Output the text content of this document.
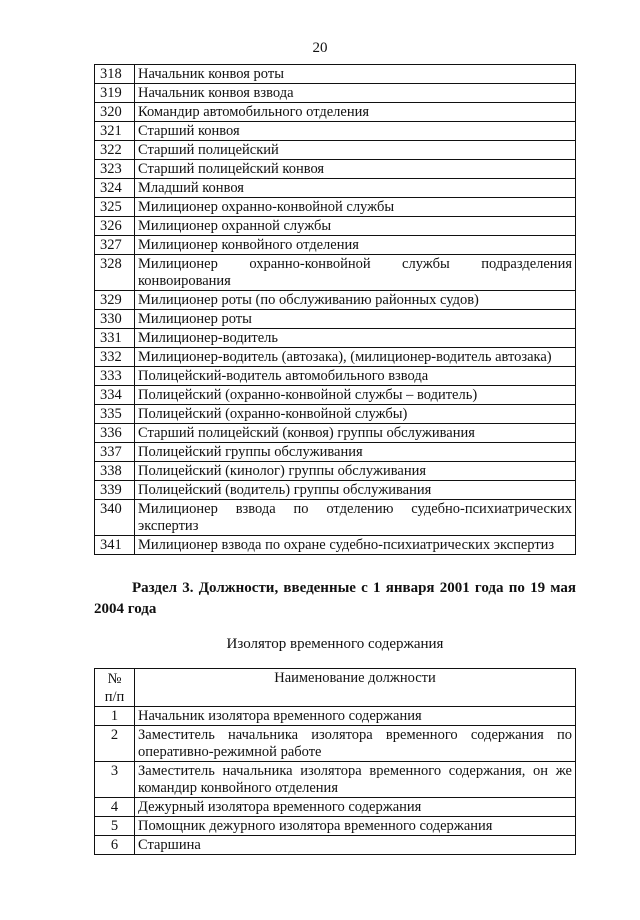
20
318	Начальник конвоя роты
319	Начальник конвоя взвода
320	Командир автомобильного отделения
321	Старший конвоя
322	Старший полицейский
323	Старший полицейский конвоя
324	Младший конвоя
325	Милиционер охранно-конвойной службы
326	Милиционер охранной службы
327	Милиционер конвойного отделения
328	Милиционер охранно-конвойной службы подразделения конвоирования
329	Милиционер роты (по обслуживанию районных судов)
330	Милиционер роты
331	Милиционер-водитель
332	Милиционер-водитель (автозака), (милиционер-водитель автозака)
333	Полицейский-водитель автомобильного взвода
334	Полицейский (охранно-конвойной службы – водитель)
335	Полицейский (охранно-конвойной службы)
336	Старший полицейский (конвоя) группы обслуживания
337	Полицейский группы обслуживания
338	Полицейский (кинолог) группы обслуживания
339	Полицейский (водитель) группы обслуживания
340	Милиционер взвода по отделению судебно-психиатрических экспертиз
341	Милиционер взвода по охране судебно-психиатрических экспертиз
Раздел 3. Должности, введенные с 1 января 2001 года по 19 мая 2004 года
Изолятор временного содержания
№
п/п	Наименование должности
1	Начальник изолятора временного содержания
2	Заместитель начальника изолятора временного содержания по оперативно-режимной работе
3	Заместитель начальника изолятора временного содержания, он же командир конвойного отделения
4	Дежурный изолятора временного содержания
5	Помощник дежурного изолятора временного содержания
6	Старшина
